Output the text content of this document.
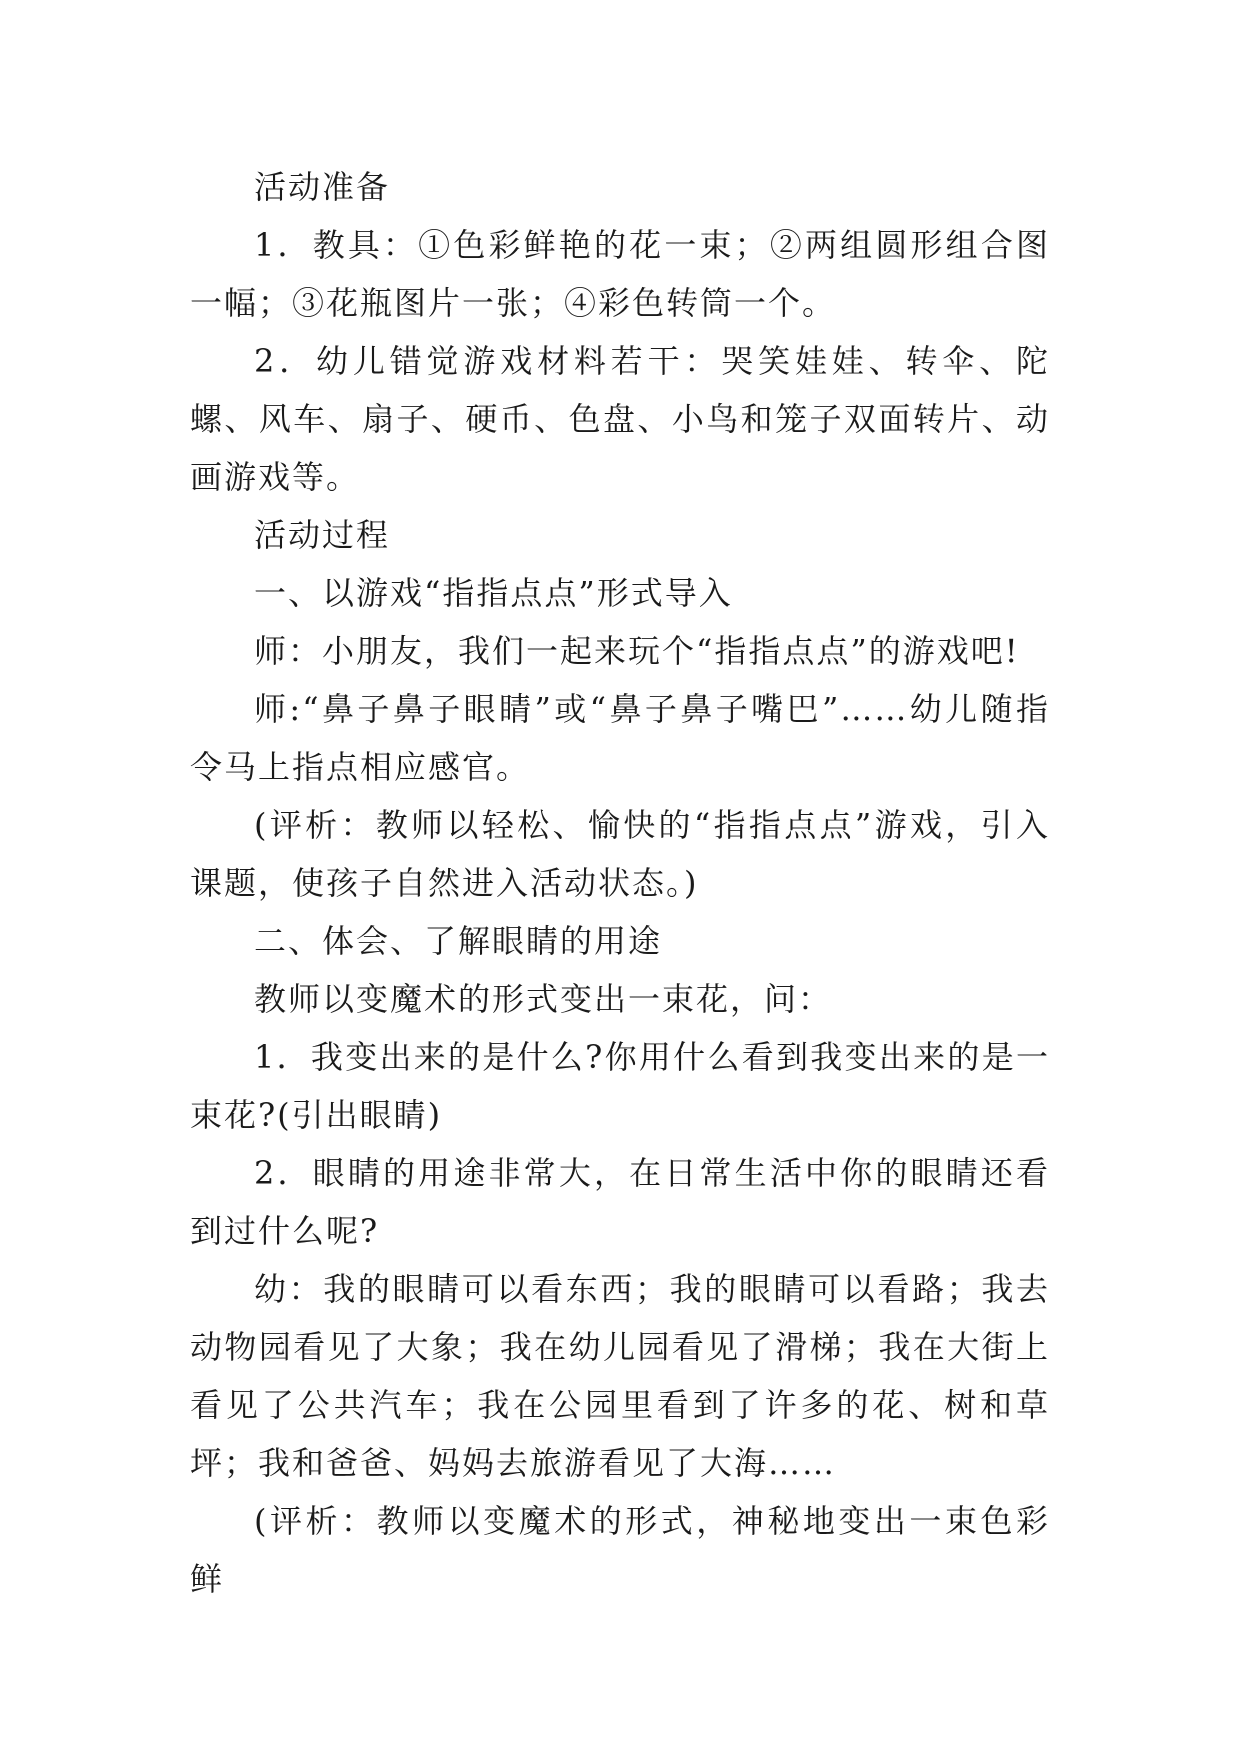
活动准备

1．教具：①色彩鲜艳的花一束；②两组圆形组合图一幅；③花瓶图片一张；④彩色转筒一个。

2．幼儿错觉游戏材料若干：哭笑娃娃、转伞、陀螺、风车、扇子、硬币、色盘、小鸟和笼子双面转片、动画游戏等。

活动过程

一、以游戏“指指点点”形式导入

师：小朋友，我们一起来玩个“指指点点”的游戏吧!

师:“鼻子鼻子眼睛”或“鼻子鼻子嘴巴”……幼儿随指令马上指点相应感官。

(评析：教师以轻松、愉快的“指指点点”游戏，引入课题，使孩子自然进入活动状态。)

二、体会、了解眼睛的用途

教师以变魔术的形式变出一束花，问：

1．我变出来的是什么?你用什么看到我变出来的是一束花?(引出眼睛)

2．眼睛的用途非常大，在日常生活中你的眼睛还看到过什么呢?

幼：我的眼睛可以看东西；我的眼睛可以看路；我去动物园看见了大象；我在幼儿园看见了滑梯；我在大街上看见了公共汽车；我在公园里看到了许多的花、树和草坪；我和爸爸、妈妈去旅游看见了大海……

(评析：教师以变魔术的形式，神秘地变出一束色彩鲜
